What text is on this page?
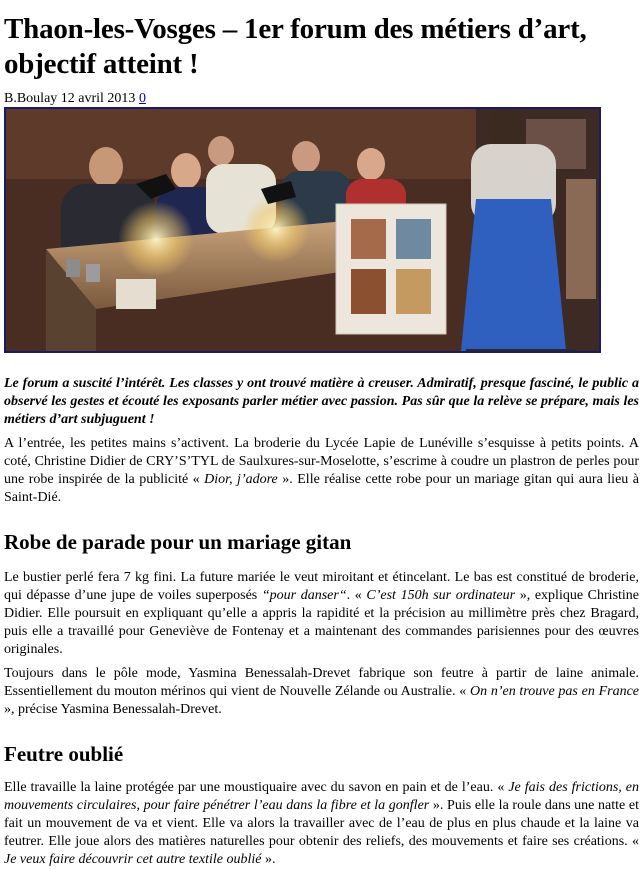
Thaon-les-Vosges – 1er forum des métiers d’art, objectif atteint !
B.Boulay 12 avril 2013 0

Le forum a suscité l’intérêt. Les classes y ont trouvé matière à creuser. Admiratif, presque fasciné, le public a observé les gestes et écouté les exposants parler métier avec passion. Pas sûr que la relève se prépare, mais les métiers d’art subjuguent !

A l’entrée, les petites mains s’activent. La broderie du Lycée Lapie de Lunéville s’esquisse à petits points. A coté, Christine Didier de CRY’S’TYL de Saulxures-sur-Moselotte, s’escrime à coudre un plastron de perles pour une robe inspirée de la publicité « Dior, j’adore ». Elle réalise cette robe pour un mariage gitan qui aura lieu à Saint-Dié.

Robe de parade pour un mariage gitan

Le bustier perlé fera 7 kg fini. La future mariée le veut miroitant et étincelant. Le bas est constitué de broderie, qui dépasse d’une jupe de voiles superposés “pour danser“. « C’est 150h sur ordinateur », explique Christine Didier. Elle poursuit en expliquant qu’elle a appris la rapidité et la précision au millimètre près chez Bragard, puis elle a travaillé pour Geneviève de Fontenay et a maintenant des commandes parisiennes pour des œuvres originales.

Toujours dans le pôle mode, Yasmina Benessalah-Drevet fabrique son feutre à partir de laine animale. Essentiellement du mouton mérinos qui vient de Nouvelle Zélande ou Australie. « On n’en trouve pas en France », précise Yasmina Benessalah-Drevet.

Feutre oublié

Elle travaille la laine protégée par une moustiquaire avec du savon en pain et de l’eau. « Je fais des frictions, en mouvements circulaires, pour faire pénétrer l’eau dans la fibre et la gonfler ». Puis elle la roule dans une natte et fait un mouvement de va et vient. Elle va alors la travailler avec de l’eau de plus en plus chaude et la laine va feutrer. Elle joue alors des matières naturelles pour obtenir des reliefs, des mouvements et faire ses créations. « Je veux faire découvrir cet autre textile oublié ».
